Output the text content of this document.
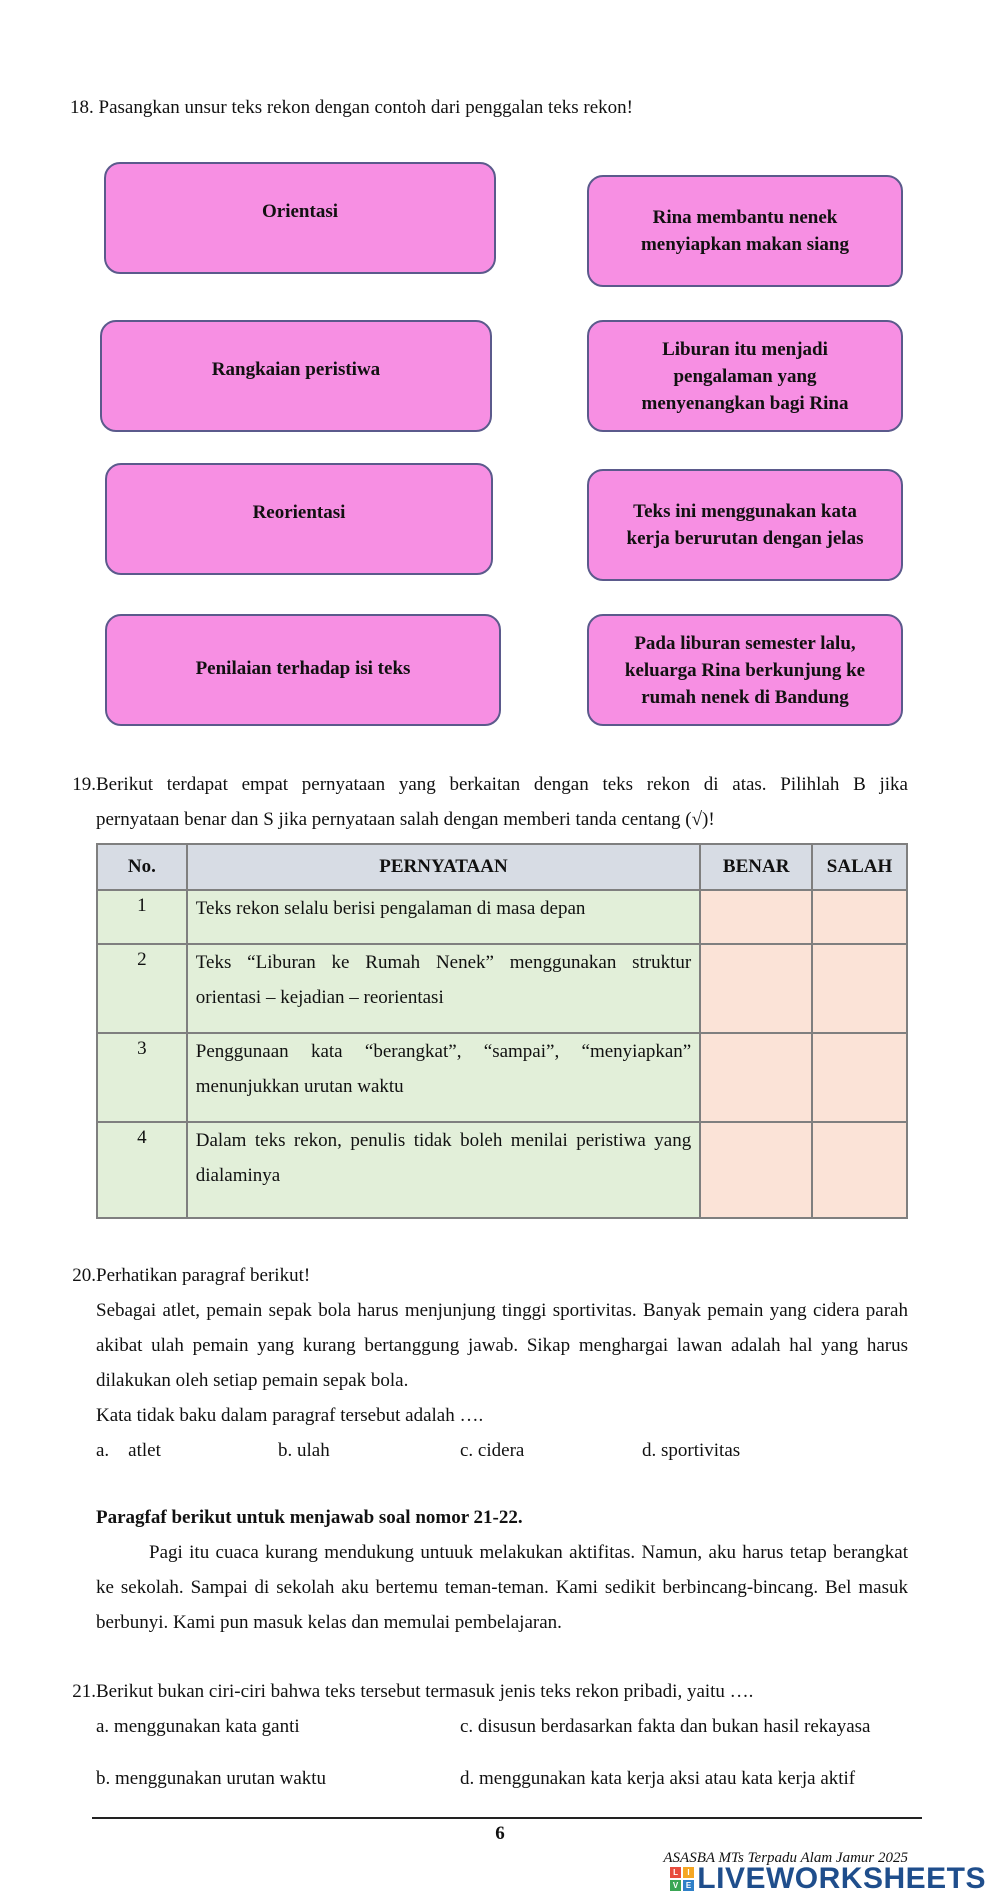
18. Pasangkan unsur teks rekon dengan contoh dari penggalan teks rekon!
Orientasi
Rangkaian peristiwa
Reorientasi
Penilaian terhadap isi teks
Rina membantu nenek
menyiapkan makan siang
Liburan itu menjadi
pengalaman yang
menyenangkan bagi Rina
Teks ini menggunakan kata
kerja berurutan dengan jelas
Pada liburan semester lalu,
keluarga Rina berkunjung ke
rumah nenek di Bandung
19. Berikut terdapat empat pernyataan yang berkaitan dengan teks rekon di atas. Pilihlah B jika
pernyataan benar dan S jika pernyataan salah dengan memberi tanda centang (√)!
No.	PERNYATAAN	BENAR	SALAH
1	Teks rekon selalu berisi pengalaman di masa depan		
2	Teks “Liburan ke Rumah Nenek” menggunakan struktur orientasi – kejadian – reorientasi		
3	Penggunaan kata “berangkat”, “sampai”, “menyiapkan” menunjukkan urutan waktu		
4	Dalam teks rekon, penulis tidak boleh menilai peristiwa yang dialaminya		
20. Perhatikan paragraf berikut!
Sebagai atlet, pemain sepak bola harus menjunjung tinggi sportivitas. Banyak pemain yang cidera parah akibat ulah pemain yang kurang bertanggung jawab. Sikap menghargai lawan adalah hal yang harus dilakukan oleh setiap pemain sepak bola.
Kata tidak baku dalam paragraf tersebut adalah ….
a.    atlet	b. ulah	c. cidera	d. sportivitas
Paragfaf berikut untuk menjawab soal nomor 21-22.
Pagi itu cuaca kurang mendukung untuuk melakukan aktifitas. Namun, aku harus tetap berangkat ke sekolah. Sampai di sekolah aku bertemu teman-teman. Kami sedikit berbincang-bincang. Bel masuk berbunyi. Kami pun masuk kelas dan memulai pembelajaran.
21. Berikut bukan ciri-ciri bahwa teks tersebut termasuk jenis teks rekon pribadi, yaitu ….
a. menggunakan kata ganti	c. disusun berdasarkan fakta dan bukan hasil rekayasa
b. menggunakan urutan waktu	d. menggunakan kata kerja aksi atau kata kerja aktif
6
ASASBA MTs Terpadu Alam Jamur 2025
L	I
V E LIVEWORKSHEETS
